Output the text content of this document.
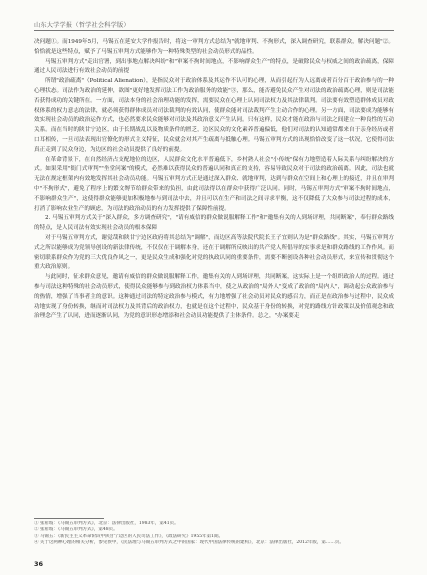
山东大学学报（哲学社会科学版）

决问题①。而1949年5月，马锡五在延安大学作报告时，将这一审判方式总结为"就地审判、不拘形式，深入调查研究，联系群众，解决问题"②。恰恰就是这些特点，赋予了马锡五审判方式能够作为一种特殊类型的社会动员形式的品性。

马锡五审判方式"走出官署，到出事地点解决纠纷"和"审案不拘时间地点，不影响群众生产"的特点，是破除民众与权威之间的政治疏离，保障通过人民司法进行有效社会动员的前提

所谓"政治疏离"（Political Alienation），是指民众对于政治体系及其运作不认可的心理，从而引起行为人远离或者百分百于政治参与的一种心理状态。司法作为政治的延伸，欲图"更好地发挥司法工作为政治服务的效能"③，那么，能否避免民众产生对司法的政治疏离心理，则是司法能否获得成功的关键所在。一方面，司法本身的社会治理功能的发挥，需要民众在心理上认同司法权力及其法律裁判。司法要有效塑造群体成员对政权体系的权力意志的法律，就必须获得群体成员对司法裁判的有效认同，使群众能对司法裁判产生主动合作的心理。另一方面，司法要成为能够有效实现社会动员的政治运作方式，也必然要求民众能够对司法及其政治意义产生认同。只有这样，民众才能在政治与司法之间建立一种良性的互动关系。而在当时的陕甘宁边区，由于长期战乱以及物质条件的匮乏，边区民众的文化素养普遍偏低，他们对司法的认知通常都来自于亲身经历或者口耳相传，一旦司法表现出官僚化的形式主义特征，民众就会对其产生疏离与抵触心理。马锡五审判方式的出现恰恰改变了这一状况，它使得司法真正走到了民众身边，为边区的社会动员提供了良好的前提。

在革命背景下，在自然经济占支配地位的边区，人民群众文化水平普遍低下，乡村熟人社会"小传统"保有力地塑造着人际关系与纠纷解决的方式。如果采用"衙门式审判""坐堂问案"的模式，必然难以获得民众的普遍认同和真正的支持，容易导致民众对于司法的政治疏离。因此，司法也就无法在规定框架内有效地发挥其社会动员功能。马锡五审判方式正是通过深入群众、就地审判，达到与群众在空间上和心理上的接近，并且在审判中"不拘形式"，避免了程序上的繁文缛节给群众带来的负担，由此司法得以在群众中获得广泛认同。同时，马锡五审判方式"审案不拘时间地点，不影响群众生产"，这使得群众能够更加积极地参与到司法中去，并且可以在生产和司法之间寻求平衡，这不仅降低了大众参与司法过程的成本，打消了影响农业生产的顾虑，为司法的政治动员的有力发挥提供了保障性前提。

2. 马锡五审判方式关于"深入群众，多方调查研究"，"请有威信的群众做说服解释工作"和"邀集有关的人到场评理，共同断案"，奉行群众路线的特点，是人民司法有效实现社会动员的根本保障

对于马锡五审判方式，谢觉哉和陕甘宁边区政府将其总结为"调解"，而边区高等法院代院长王子宜则认为是"群众路线"。其实，马锡五审判方式之所以能够成为党领导创设的新法律传统，不仅仅在于调解本身，还在于调解所反映出的共产党人所倡导的实事求是和群众路线的工作作风。而密切联系群众作为党的三大优良作风之一，更是民众生成和强化对党的执政认同的重要条件，需要不断创设各种社会动员形式，来宣传和贯彻这个重大政治原则。

与此同时，征求群众意见，邀请有威信的群众做说服解释工作，邀集有关的人到场评理，共同断案，这实际上是一个组织政治人的过程。通过参与司法这种特殊的社会动员形式，使得民众能够参与到政治权力体系当中，使之从政治的"局外人"变成了政治的"局内人"，调动起公众政治参与的热情，增强了当事者主的意识。这种通过司法的特定政治参与模式，有力地增强了社会动员对民众的感召力，而正是在政治参与过程中，民众成功地实现了身份转换，继而对司法权力及其背后的政治权力，也就是在这个过程中，民众基于身份的转换，对党的路线方针政策以及价值观念和政治理念产生了认同，进而逐渐认同，为党的意识形态增添和社会动员功能提供了主体条件。总之，"办案要走

① 张希坡：《马锡五审判方式》，北京：法律出版社，1983年，第41页。
② 张希坡：《马锡五审判方式》，第48页。
③ 马锡五：《新民主主义革命阶段中陕甘宁边区的人民司法工作》，《政法研究》1955年第1期。
④ 关于这两种心理的相关分析，参见侯中，《民法理与马锡五审判方式之中的国家：现代中国法律传统的建构》，北京：法律出版社，2012年版，第……页。
36
